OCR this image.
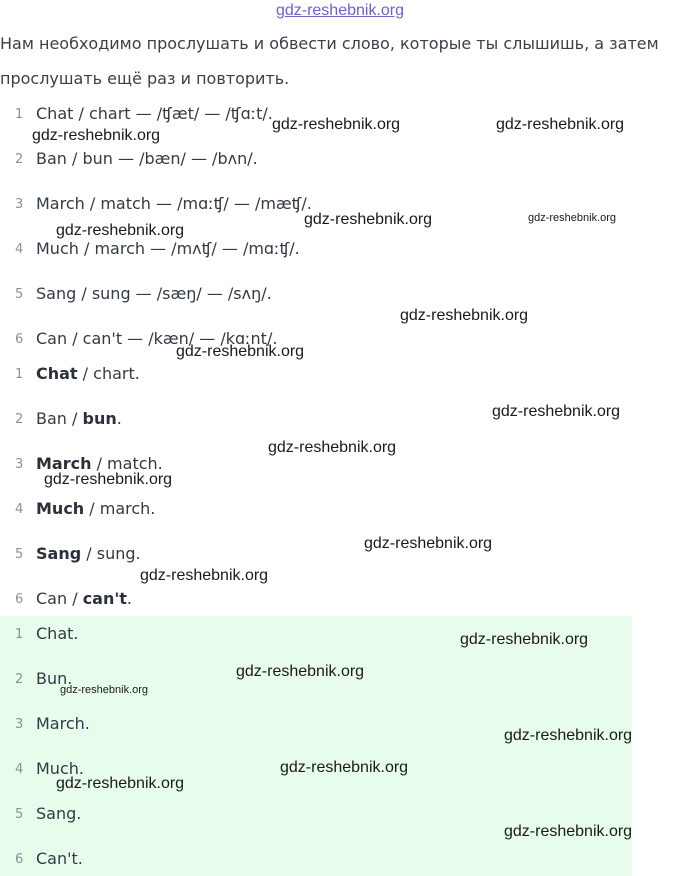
gdz-reshebnik.org
Нам необходимо прослушать и обвести слово, которые ты слышишь, а затем
прослушать ещё раз и повторить.
1 Chat / chart — /ʧæt/ — /ʧɑːt/.
2 Ban / bun — /bæn/ — /bʌn/.
3 March / match — /mɑːʧ/ — /mæʧ/.
4 Much / march — /mʌʧ/ — /mɑːʧ/.
5 Sang / sung — /sæŋ/ — /sʌŋ/.
6 Can / can't — /kæn/ — /kɑːnt/.
1 Chat / chart.
2 Ban / bun.
3 March / match.
4 Much / march.
5 Sang / sung.
6 Can / can't.
1 Chat.
2 Bun.
3 March.
4 Much.
5 Sang.
6 Can't.
gdz-reshebnik.org
gdz-reshebnik.org	gdz-reshebnik.org
gdz-reshebnik.org	gdz-reshebnik.org
gdz-reshebnik.org
gdz-reshebnik.org
gdz-reshebnik.org
gdz-reshebnik.org
gdz-reshebnik.org
gdz-reshebnik.org
gdz-reshebnik.org
gdz-reshebnik.org
gdz-reshebnik.org
gdz-reshebnik.org
gdz-reshebnik.org
gdz-reshebnik.org
gdz-reshebnik.org
gdz-reshebnik.org
gdz-reshebnik.org
